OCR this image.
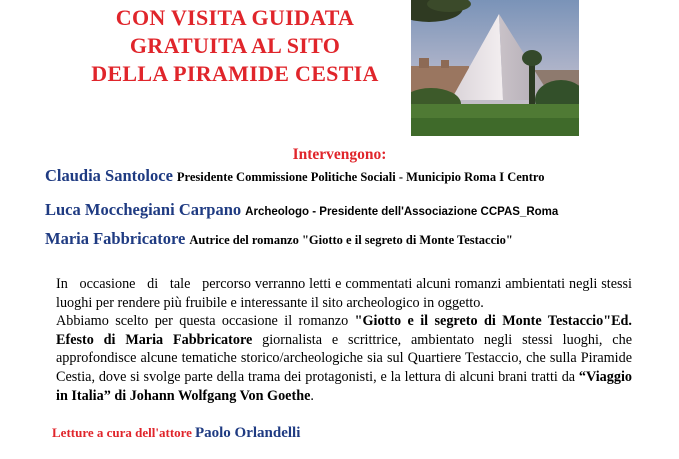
CON VISITA GUIDATA
GRATUITA AL SITO
DELLA PIRAMIDE CESTIA
Intervengono:
Claudia Santoloce Presidente Commissione Politiche Sociali - Municipio Roma I Centro
Luca Mocchegiani Carpano Archeologo - Presidente dell'Associazione CCPAS_Roma
Maria Fabbricatore Autrice del romanzo "Giotto e il segreto di Monte Testaccio"

In   occasione   di   tale   percorso verranno letti e commentati alcuni romanzi ambientati negli stessi luoghi per rendere più fruibile e interessante il sito archeologico in oggetto.

Abbiamo scelto per questa occasione il romanzo "Giotto e il segreto di Monte Testaccio"Ed. Efesto di Maria Fabbricatore giornalista e scrittrice, ambientato negli stessi luoghi, che approfondisce alcune tematiche storico/archeologiche sia sul Quartiere Testaccio, che sulla Piramide Cestia, dove si svolge parte della trama dei protagonisti, e la lettura di alcuni brani tratti da “Viaggio in Italia” di Johann Wolfgang Von Goethe.

Letture a cura dell'attore Paolo Orlandelli
